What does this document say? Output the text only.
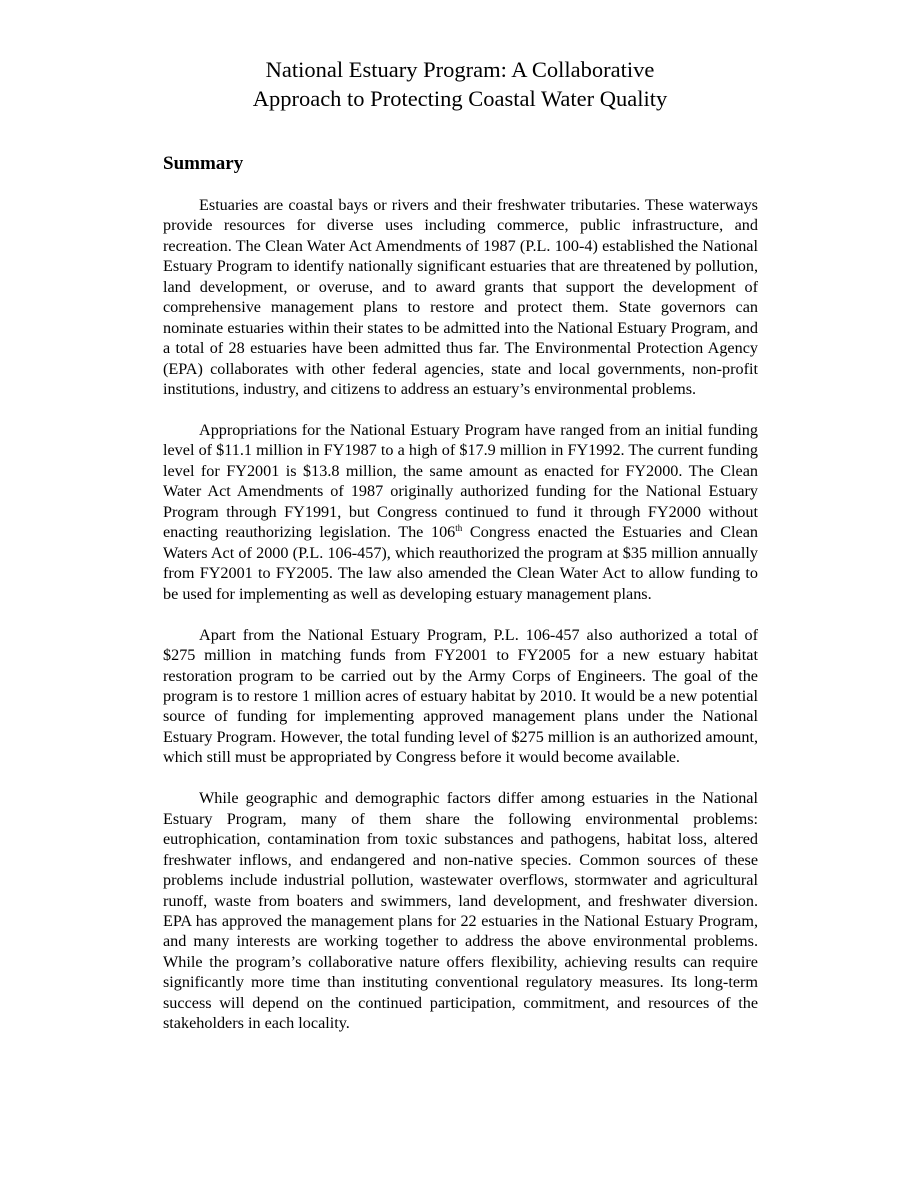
National Estuary Program: A Collaborative
Approach to Protecting Coastal Water Quality
Summary

Estuaries are coastal bays or rivers and their freshwater tributaries. These waterways provide resources for diverse uses including commerce, public infrastructure, and recreation. The Clean Water Act Amendments of 1987 (P.L. 100-4) established the National Estuary Program to identify nationally significant estuaries that are threatened by pollution, land development, or overuse, and to award grants that support the development of comprehensive management plans to restore and protect them. State governors can nominate estuaries within their states to be admitted into the National Estuary Program, and a total of 28 estuaries have been admitted thus far. The Environmental Protection Agency (EPA) collaborates with other federal agencies, state and local governments, non-profit institutions, industry, and citizens to address an estuary’s environmental problems.

Appropriations for the National Estuary Program have ranged from an initial funding level of $11.1 million in FY1987 to a high of $17.9 million in FY1992. The current funding level for FY2001 is $13.8 million, the same amount as enacted for FY2000. The Clean Water Act Amendments of 1987 originally authorized funding for the National Estuary Program through FY1991, but Congress continued to fund it through FY2000 without enacting reauthorizing legislation. The 106th Congress enacted the Estuaries and Clean Waters Act of 2000 (P.L. 106-457), which reauthorized the program at $35 million annually from FY2001 to FY2005. The law also amended the Clean Water Act to allow funding to be used for implementing as well as developing estuary management plans.

Apart from the National Estuary Program, P.L. 106-457 also authorized a total of $275 million in matching funds from FY2001 to FY2005 for a new estuary habitat restoration program to be carried out by the Army Corps of Engineers. The goal of the program is to restore 1 million acres of estuary habitat by 2010. It would be a new potential source of funding for implementing approved management plans under the National Estuary Program. However, the total funding level of $275 million is an authorized amount, which still must be appropriated by Congress before it would become available.

While geographic and demographic factors differ among estuaries in the National Estuary Program, many of them share the following environmental problems: eutrophication, contamination from toxic substances and pathogens, habitat loss, altered freshwater inflows, and endangered and non-native species. Common sources of these problems include industrial pollution, wastewater overflows, stormwater and agricultural runoff, waste from boaters and swimmers, land development, and freshwater diversion. EPA has approved the management plans for 22 estuaries in the National Estuary Program, and many interests are working together to address the above environmental problems. While the program’s collaborative nature offers flexibility, achieving results can require significantly more time than instituting conventional regulatory measures. Its long-term success will depend on the continued participation, commitment, and resources of the stakeholders in each locality.
